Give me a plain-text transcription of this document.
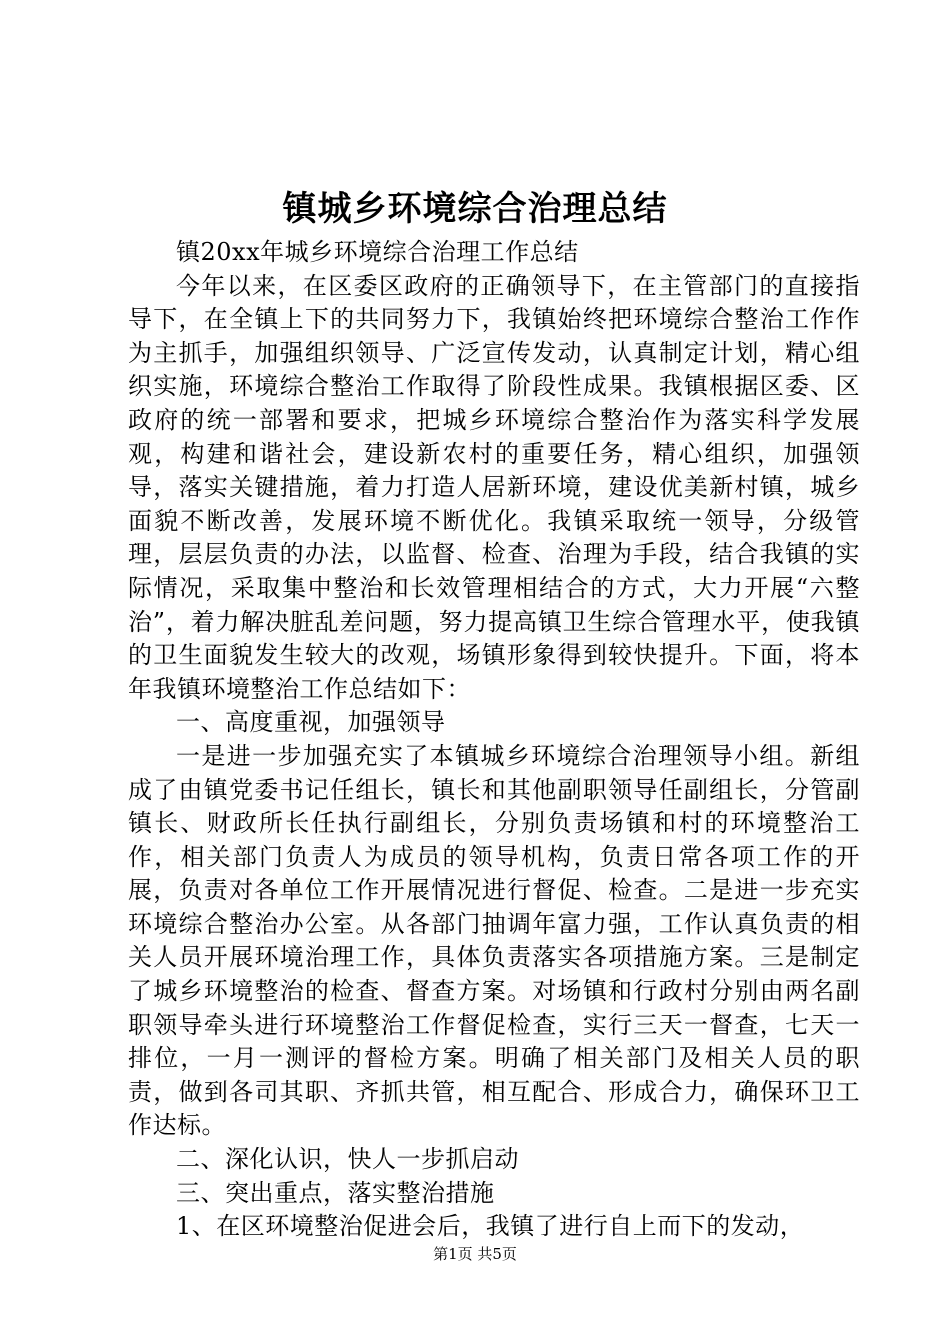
镇城乡环境综合治理总结

镇20xx年城乡环境综合治理工作总结

今年以来，在区委区政府的正确领导下，在主管部门的直接指导下，在全镇上下的共同努力下，我镇始终把环境综合整治工作作为主抓手，加强组织领导、广泛宣传发动，认真制定计划，精心组织实施，环境综合整治工作取得了阶段性成果。我镇根据区委、区政府的统一部署和要求，把城乡环境综合整治作为落实科学发展观，构建和谐社会，建设新农村的重要任务，精心组织，加强领导，落实关键措施，着力打造人居新环境，建设优美新村镇，城乡面貌不断改善，发展环境不断优化。我镇采取统一领导，分级管理，层层负责的办法，以监督、检查、治理为手段，结合我镇的实际情况，采取集中整治和长效管理相结合的方式，大力开展“六整治”，着力解决脏乱差问题，努力提高镇卫生综合管理水平，使我镇的卫生面貌发生较大的改观，场镇形象得到较快提升。下面，将本年我镇环境整治工作总结如下：

一、高度重视，加强领导

一是进一步加强充实了本镇城乡环境综合治理领导小组。新组成了由镇党委书记任组长，镇长和其他副职领导任副组长，分管副镇长、财政所长任执行副组长，分别负责场镇和村的环境整治工作，相关部门负责人为成员的领导机构，负责日常各项工作的开展，负责对各单位工作开展情况进行督促、检查。二是进一步充实环境综合整治办公室。从各部门抽调年富力强，工作认真负责的相关人员开展环境治理工作，具体负责落实各项措施方案。三是制定了城乡环境整治的检查、督查方案。对场镇和行政村分别由两名副职领导牵头进行环境整治工作督促检查，实行三天一督查，七天一排位，一月一测评的督检方案。明确了相关部门及相关人员的职责，做到各司其职、齐抓共管，相互配合、形成合力，确保环卫工作达标。

二、深化认识，快人一步抓启动

三、突出重点，落实整治措施

1、在区环境整治促进会后，我镇了进行自上而下的发动，

第1页 共5页
